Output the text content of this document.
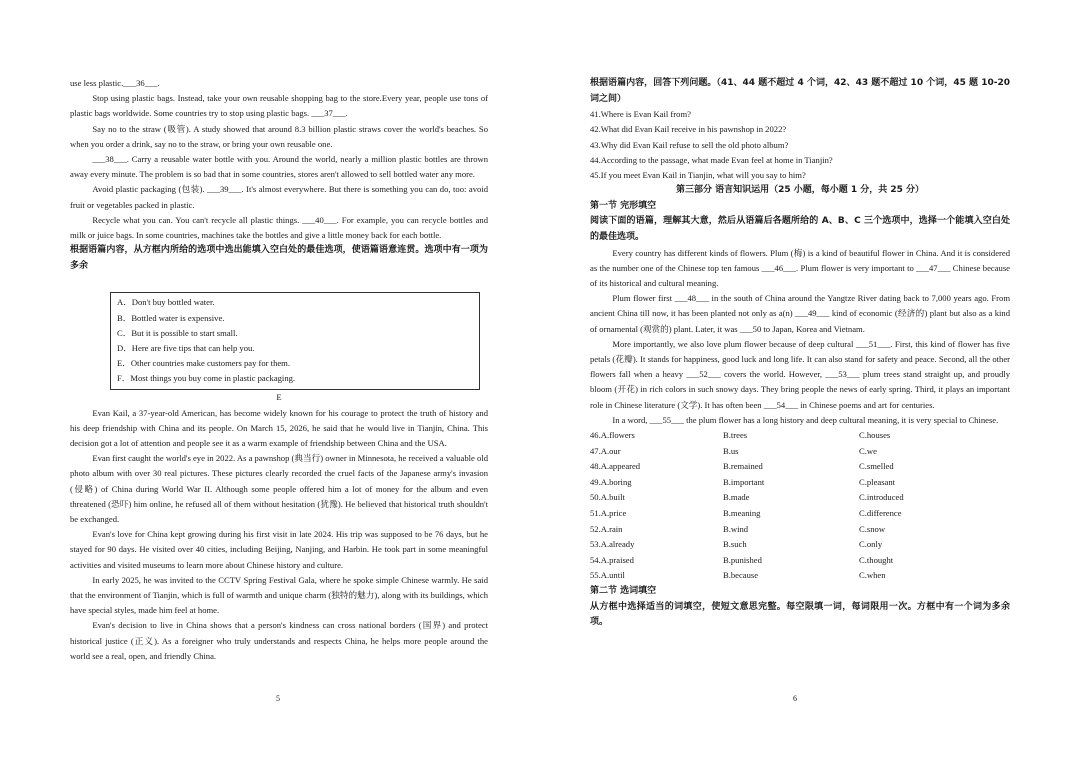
use less plastic.___36___.

Stop using plastic bags. Instead, take your own reusable shopping bag to the store.Every year, people use tons of plastic bags worldwide. Some countries try to stop using plastic bags. ___37___.

Say no to the straw (吸管). A study showed that around 8.3 billion plastic straws cover the world's beaches. So when you order a drink, say no to the straw, or bring your own reusable one.

___38___. Carry a reusable water bottle with you. Around the world, nearly a million plastic bottles are thrown away every minute. The problem is so bad that in some countries, stores aren't allowed to sell bottled water any more.

Avoid plastic packaging (包装). ___39___. It's almost everywhere. But there is something you can do, too: avoid fruit or vegetables packed in plastic.

Recycle what you can. You can't recycle all plastic things. ___40___. For example, you can recycle bottles and milk or juice bags. In some countries, machines take the bottles and give a little money back for each bottle.

根据语篇内容，从方框内所给的选项中选出能填入空白处的最佳选项，使语篇语意连贯。选项中有一项为多余

A．Don't buy bottled water.

B．Bottled water is expensive.

C．But it is possible to start small.

D．Here are five tips that can help you.

E．Other countries make customers pay for them.

F．Most things you buy come in plastic packaging.

E

Evan Kail, a 37-year-old American, has become widely known for his courage to protect the truth of history and his deep friendship with China and its people. On March 15, 2026, he said that he would live in Tianjin, China. This decision got a lot of attention and people see it as a warm example of friendship between China and the USA.

Evan first caught the world's eye in 2022. As a pawnshop (典当行) owner in Minnesota, he received a valuable old photo album with over 30 real pictures. These pictures clearly recorded the cruel facts of the Japanese army's invasion (侵略) of China during World War II. Although some people offered him a lot of money for the album and even threatened (恐吓) him online, he refused all of them without hesitation (犹豫). He believed that historical truth shouldn't be exchanged.

Evan's love for China kept growing during his first visit in late 2024. His trip was supposed to be 76 days, but he stayed for 90 days. He visited over 40 cities, including Beijing, Nanjing, and Harbin. He took part in some meaningful activities and visited museums to learn more about Chinese history and culture.

In early 2025, he was invited to the CCTV Spring Festival Gala, where he spoke simple Chinese warmly. He said that the environment of Tianjin, which is full of warmth and unique charm (独特的魅力), along with its buildings, which have special styles, made him feel at home.

Evan's decision to live in China shows that a person's kindness can cross national borders (国界) and protect historical justice (正义). As a foreigner who truly understands and respects China, he helps more people around the world see a real, open, and friendly China.

5

根据语篇内容，回答下列问题。（41、44 题不超过 4 个词，42、43 题不超过 10 个词，45 题 10-20 词之间）

41.Where is Evan Kail from?

42.What did Evan Kail receive in his pawnshop in 2022?

43.Why did Evan Kail refuse to sell the old photo album?

44.According to the passage, what made Evan feel at home in Tianjin?

45.If you meet Evan Kail in Tianjin, what will you say to him?

第三部分 语言知识运用（25 小题，每小题 1 分，共 25 分）

第一节 完形填空

阅读下面的语篇，理解其大意，然后从语篇后各题所给的 A、B、C 三个选项中，选择一个能填入空白处的最佳选项。

Every country has different kinds of flowers. Plum (梅) is a kind of beautiful flower in China. And it is considered as the number one of the Chinese top ten famous ___46___. Plum flower is very important to ___47___ Chinese because of its historical and cultural meaning.

Plum flower first ___48___ in the south of China around the Yangtze River dating back to 7,000 years ago. From ancient China till now, it has been planted not only as a(n) ___49___ kind of economic (经济的) plant but also as a kind of ornamental (观赏的) plant. Later, it was ___50 to Japan, Korea and Vietnam.

More importantly, we also love plum flower because of deep cultural ___51___. First, this kind of flower has five petals (花瓣). It stands for happiness, good luck and long life. It can also stand for safety and peace. Second, all the other flowers fall when a heavy ___52___ covers the world. However, ___53___ plum trees stand straight up, and proudly bloom (开花) in rich colors in such snowy days. They bring people the news of early spring. Third, it plays an important role in Chinese literature (文学). It has often been ___54___ in Chinese poems and art for centuries.

In a word, ___55___ the plum flower has a long history and deep cultural meaning, it is very special to Chinese.

46.A.flowers	B.trees	C.houses
47.A.our	B.us	C.we
48.A.appeared	B.remained	C.smelled
49.A.boring	B.important	C.pleasant
50.A.built	B.made	C.introduced
51.A.price	B.meaning	C.difference
52.A.rain	B.wind	C.snow
53.A.already	B.such	C.only
54.A.praised	B.punished	C.thought
55.A.until	B.because	C.when

第二节 选词填空

从方框中选择适当的词填空，使短文意思完整。每空限填一词，每词限用一次。方框中有一个词为多余项。

6
